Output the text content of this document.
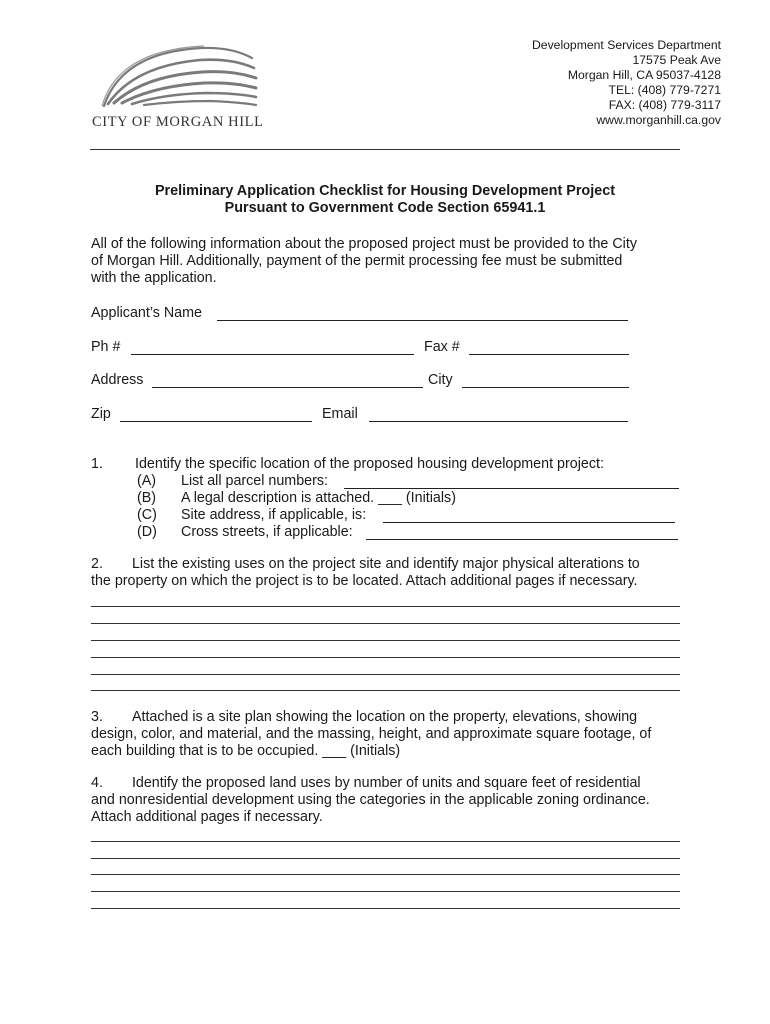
CITY OF MORGAN HILL
Development Services Department
17575 Peak Ave
Morgan Hill, CA 95037-4128
TEL: (408) 779-7271
FAX: (408) 779-3117
www.morganhill.ca.gov
Preliminary Application Checklist for Housing Development Project
Pursuant to Government Code Section 65941.1
All of the following information about the proposed project must be provided to the City
of Morgan Hill. Additionally, payment of the permit processing fee must be submitted
with the application.
Applicant’s Name
Ph #	Fax #
Address	City
Zip	Email
1. Identify the specific location of the proposed housing development project:
(A) List all parcel numbers:
(B) A legal description is attached. ___ (Initials)
(C) Site address, if applicable, is:
(D) Cross streets, if applicable:
2. List the existing uses on the project site and identify major physical alterations to
the property on which the project is to be located. Attach additional pages if necessary.
3. Attached is a site plan showing the location on the property, elevations, showing
design, color, and material, and the massing, height, and approximate square footage, of
each building that is to be occupied. ___ (Initials)
4. Identify the proposed land uses by number of units and square feet of residential
and nonresidential development using the categories in the applicable zoning ordinance.
Attach additional pages if necessary.
